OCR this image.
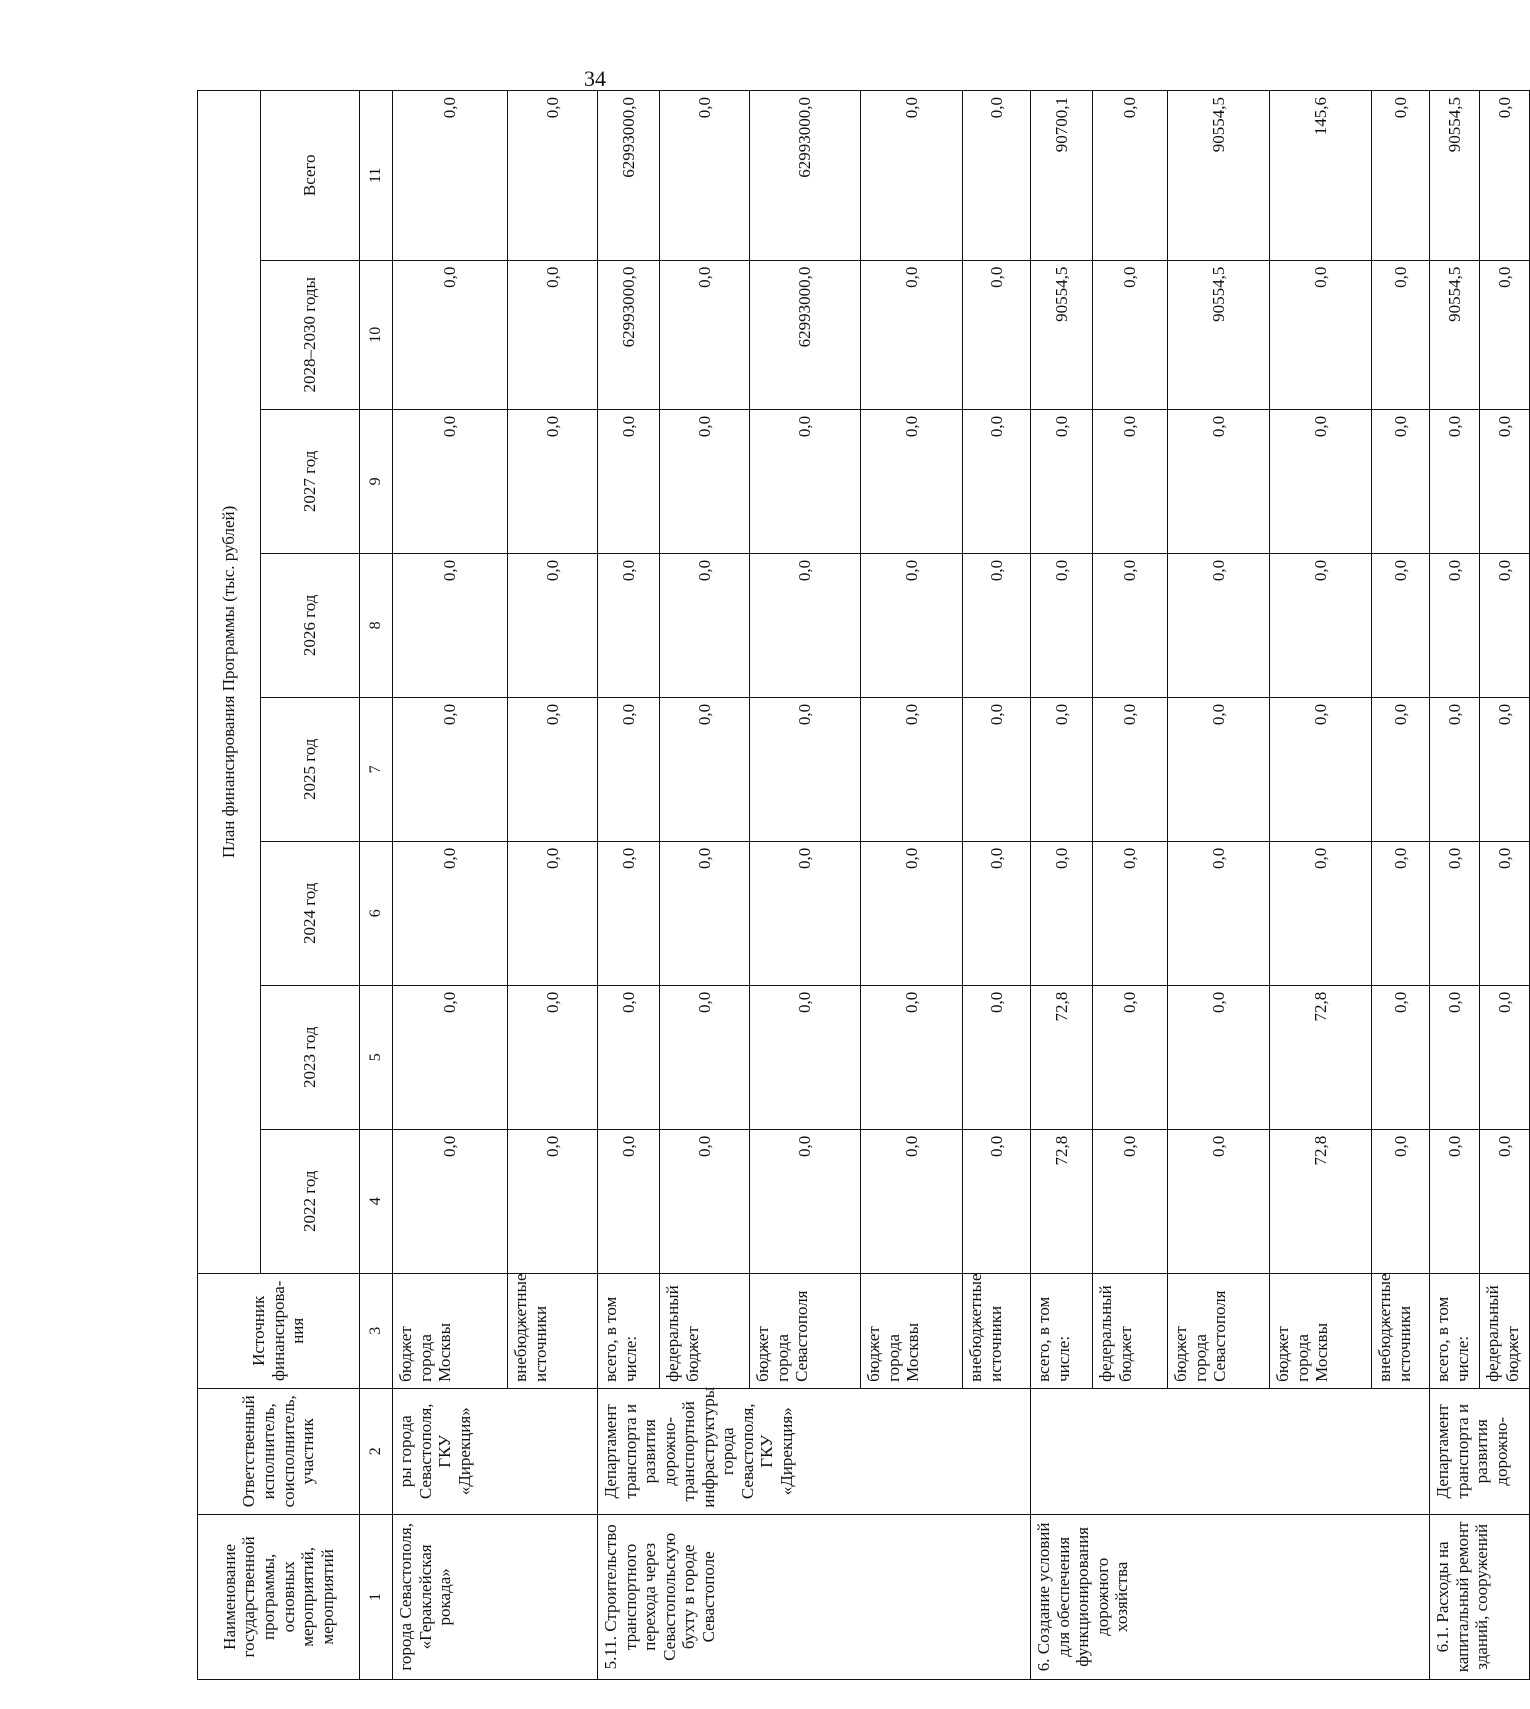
34
Наименование государственной программы, основных мероприятий, мероприятий	Ответственный исполнитель, соисполнитель, участник	Источник финансирова-ния	План финансирования Программы (тыс. рублей)							
			2022 год	2023 год	2024 год	2025 год	2026 год	2027 год	2028–2030 годы	Всего
1	2	3	4	5	6	7	8	9	10	11
города Севастополя, «Гераклейская рокада»	ры города Севастополя, ГКУ «Дирекция»	бюджет города Москвы	0,0	0,0	0,0	0,0	0,0	0,0	0,0	0,0
		внебюджетные источники	0,0	0,0	0,0	0,0	0,0	0,0	0,0	0,0
5.11. Строительство транспортного перехода через Севастопольскую бухту в городе Севастополе	Департамент транспорта и развития дорожно-транспортной инфраструктуры города Севастополя, ГКУ «Дирекция»	всего, в том числе:	0,0	0,0	0,0	0,0	0,0	0,0	62993000,0	62993000,0
		федеральный бюджет	0,0	0,0	0,0	0,0	0,0	0,0	0,0	0,0
		бюджет города Севастополя	0,0	0,0	0,0	0,0	0,0	0,0	62993000,0	62993000,0
		бюджет города Москвы	0,0	0,0	0,0	0,0	0,0	0,0	0,0	0,0
		внебюджетные источники	0,0	0,0	0,0	0,0	0,0	0,0	0,0	0,0
6. Создание условий для обеспечения функционирования дорожного хозяйства		всего, в том числе:	72,8	72,8	0,0	0,0	0,0	0,0	90554,5	90700,1
		федеральный бюджет	0,0	0,0	0,0	0,0	0,0	0,0	0,0	0,0
		бюджет города Севастополя	0,0	0,0	0,0	0,0	0,0	0,0	90554,5	90554,5
		бюджет города Москвы	72,8	72,8	0,0	0,0	0,0	0,0	0,0	145,6
		внебюджетные источники	0,0	0,0	0,0	0,0	0,0	0,0	0,0	0,0
6.1. Расходы на капитальный ремонт зданий, сооружений	Департамент транспорта и развития дорожно-	всего, в том числе:	0,0	0,0	0,0	0,0	0,0	0,0	90554,5	90554,5
		федеральный бюджет	0,0	0,0	0,0	0,0	0,0	0,0	0,0	0,0
